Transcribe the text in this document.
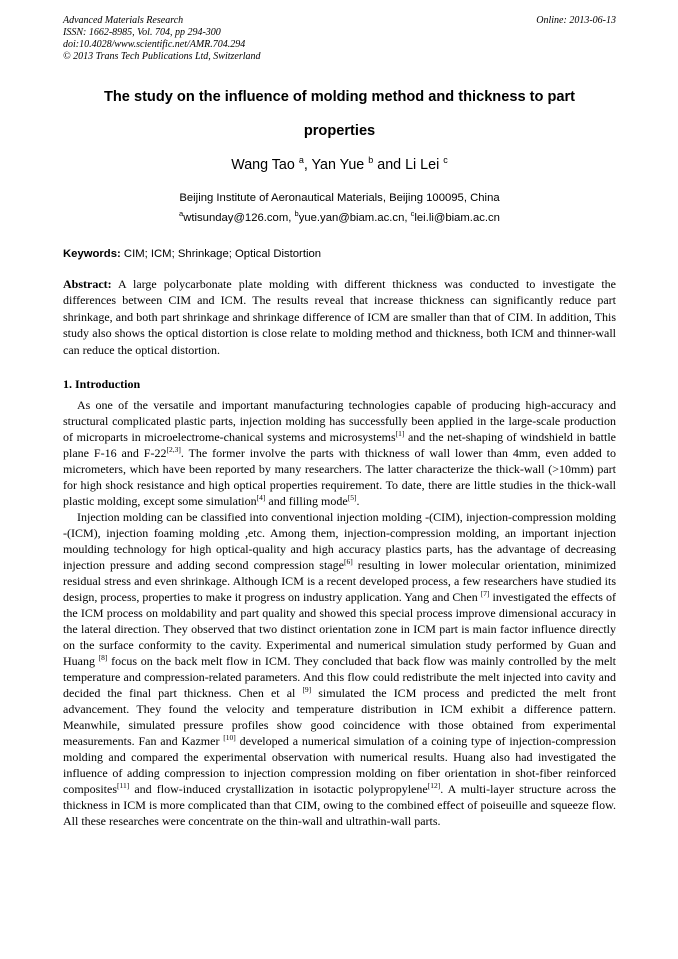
Advanced Materials Research
ISSN: 1662-8985, Vol. 704, pp 294-300
doi:10.4028/www.scientific.net/AMR.704.294
© 2013 Trans Tech Publications Ltd, Switzerland
Online: 2013-06-13
The study on the influence of molding method and thickness to part
properties
Wang Tao $^a$, Yan Yue $^b$ and Li Lei $^c$
Beijing Institute of Aeronautical Materials, Beijing 100095, China
$^a$wtisunday@126.com, $^b$yue.yan@biam.ac.cn, $^c$lei.li@biam.ac.cn
Keywords: CIM; ICM; Shrinkage; Optical Distortion
Abstract: A large polycarbonate plate molding with different thickness was conducted to investigate the differences between CIM and ICM. The results reveal that increase thickness can significantly reduce part shrinkage, and both part shrinkage and shrinkage difference of ICM are smaller than that of CIM. In addition, This study also shows the optical distortion is close relate to molding method and thickness, both ICM and thinner-wall can reduce the optical distortion.
1. Introduction

As one of the versatile and important manufacturing technologies capable of producing high-accuracy and structural complicated plastic parts, injection molding has successfully been applied in the large-scale production of microparts in microelectrome-chanical systems and microsystems[1] and the net-shaping of windshield in battle plane F-16 and F-22[2,3]. The former involve the parts with thickness of wall lower than 4mm, even added to micrometers, which have been reported by many researchers. The latter characterize the thick-wall (>10mm) part for high shock resistance and high optical properties requirement. To date, there are little studies in the thick-wall plastic molding, except some simulation[4] and filling mode[5].

Injection molding can be classified into conventional injection molding -(CIM), injection-compression molding -(ICM), injection foaming molding ,etc. Among them, injection-compression molding, an important injection moulding technology for high optical-quality and high accuracy plastics parts, has the advantage of decreasing injection pressure and adding second compression stage[6] resulting in lower molecular orientation, minimized residual stress and even shrinkage. Although ICM is a recent developed process, a few researchers have studied its design, process, properties to make it progress on industry application. Yang and Chen [7] investigated the effects of the ICM process on moldability and part quality and showed this special process improve dimensional accuracy in the lateral direction. They observed that two distinct orientation zone in ICM part is main factor influence directly on the surface conformity to the cavity. Experimental and numerical simulation study performed by Guan and Huang [8] focus on the back melt flow in ICM. They concluded that back flow was mainly controlled by the melt temperature and compression-related parameters. And this flow could redistribute the melt injected into cavity and decided the final part thickness. Chen et al [9] simulated the ICM process and predicted the melt front advancement. They found the velocity and temperature distribution in ICM exhibit a difference pattern. Meanwhile, simulated pressure profiles show good coincidence with those obtained from experimental measurements. Fan and Kazmer [10] developed a numerical simulation of a coining type of injection-compression molding and compared the experimental observation with numerical results. Huang also had investigated the influence of adding compression to injection compression molding on fiber orientation in shot-fiber reinforced composites[11] and flow-induced crystallization in isotactic polypropylene[12]. A multi-layer structure across the thickness in ICM is more complicated than that CIM, owing to the combined effect of poiseuille and squeeze flow. All these researches were concentrate on the thin-wall and ultrathin-wall parts.
